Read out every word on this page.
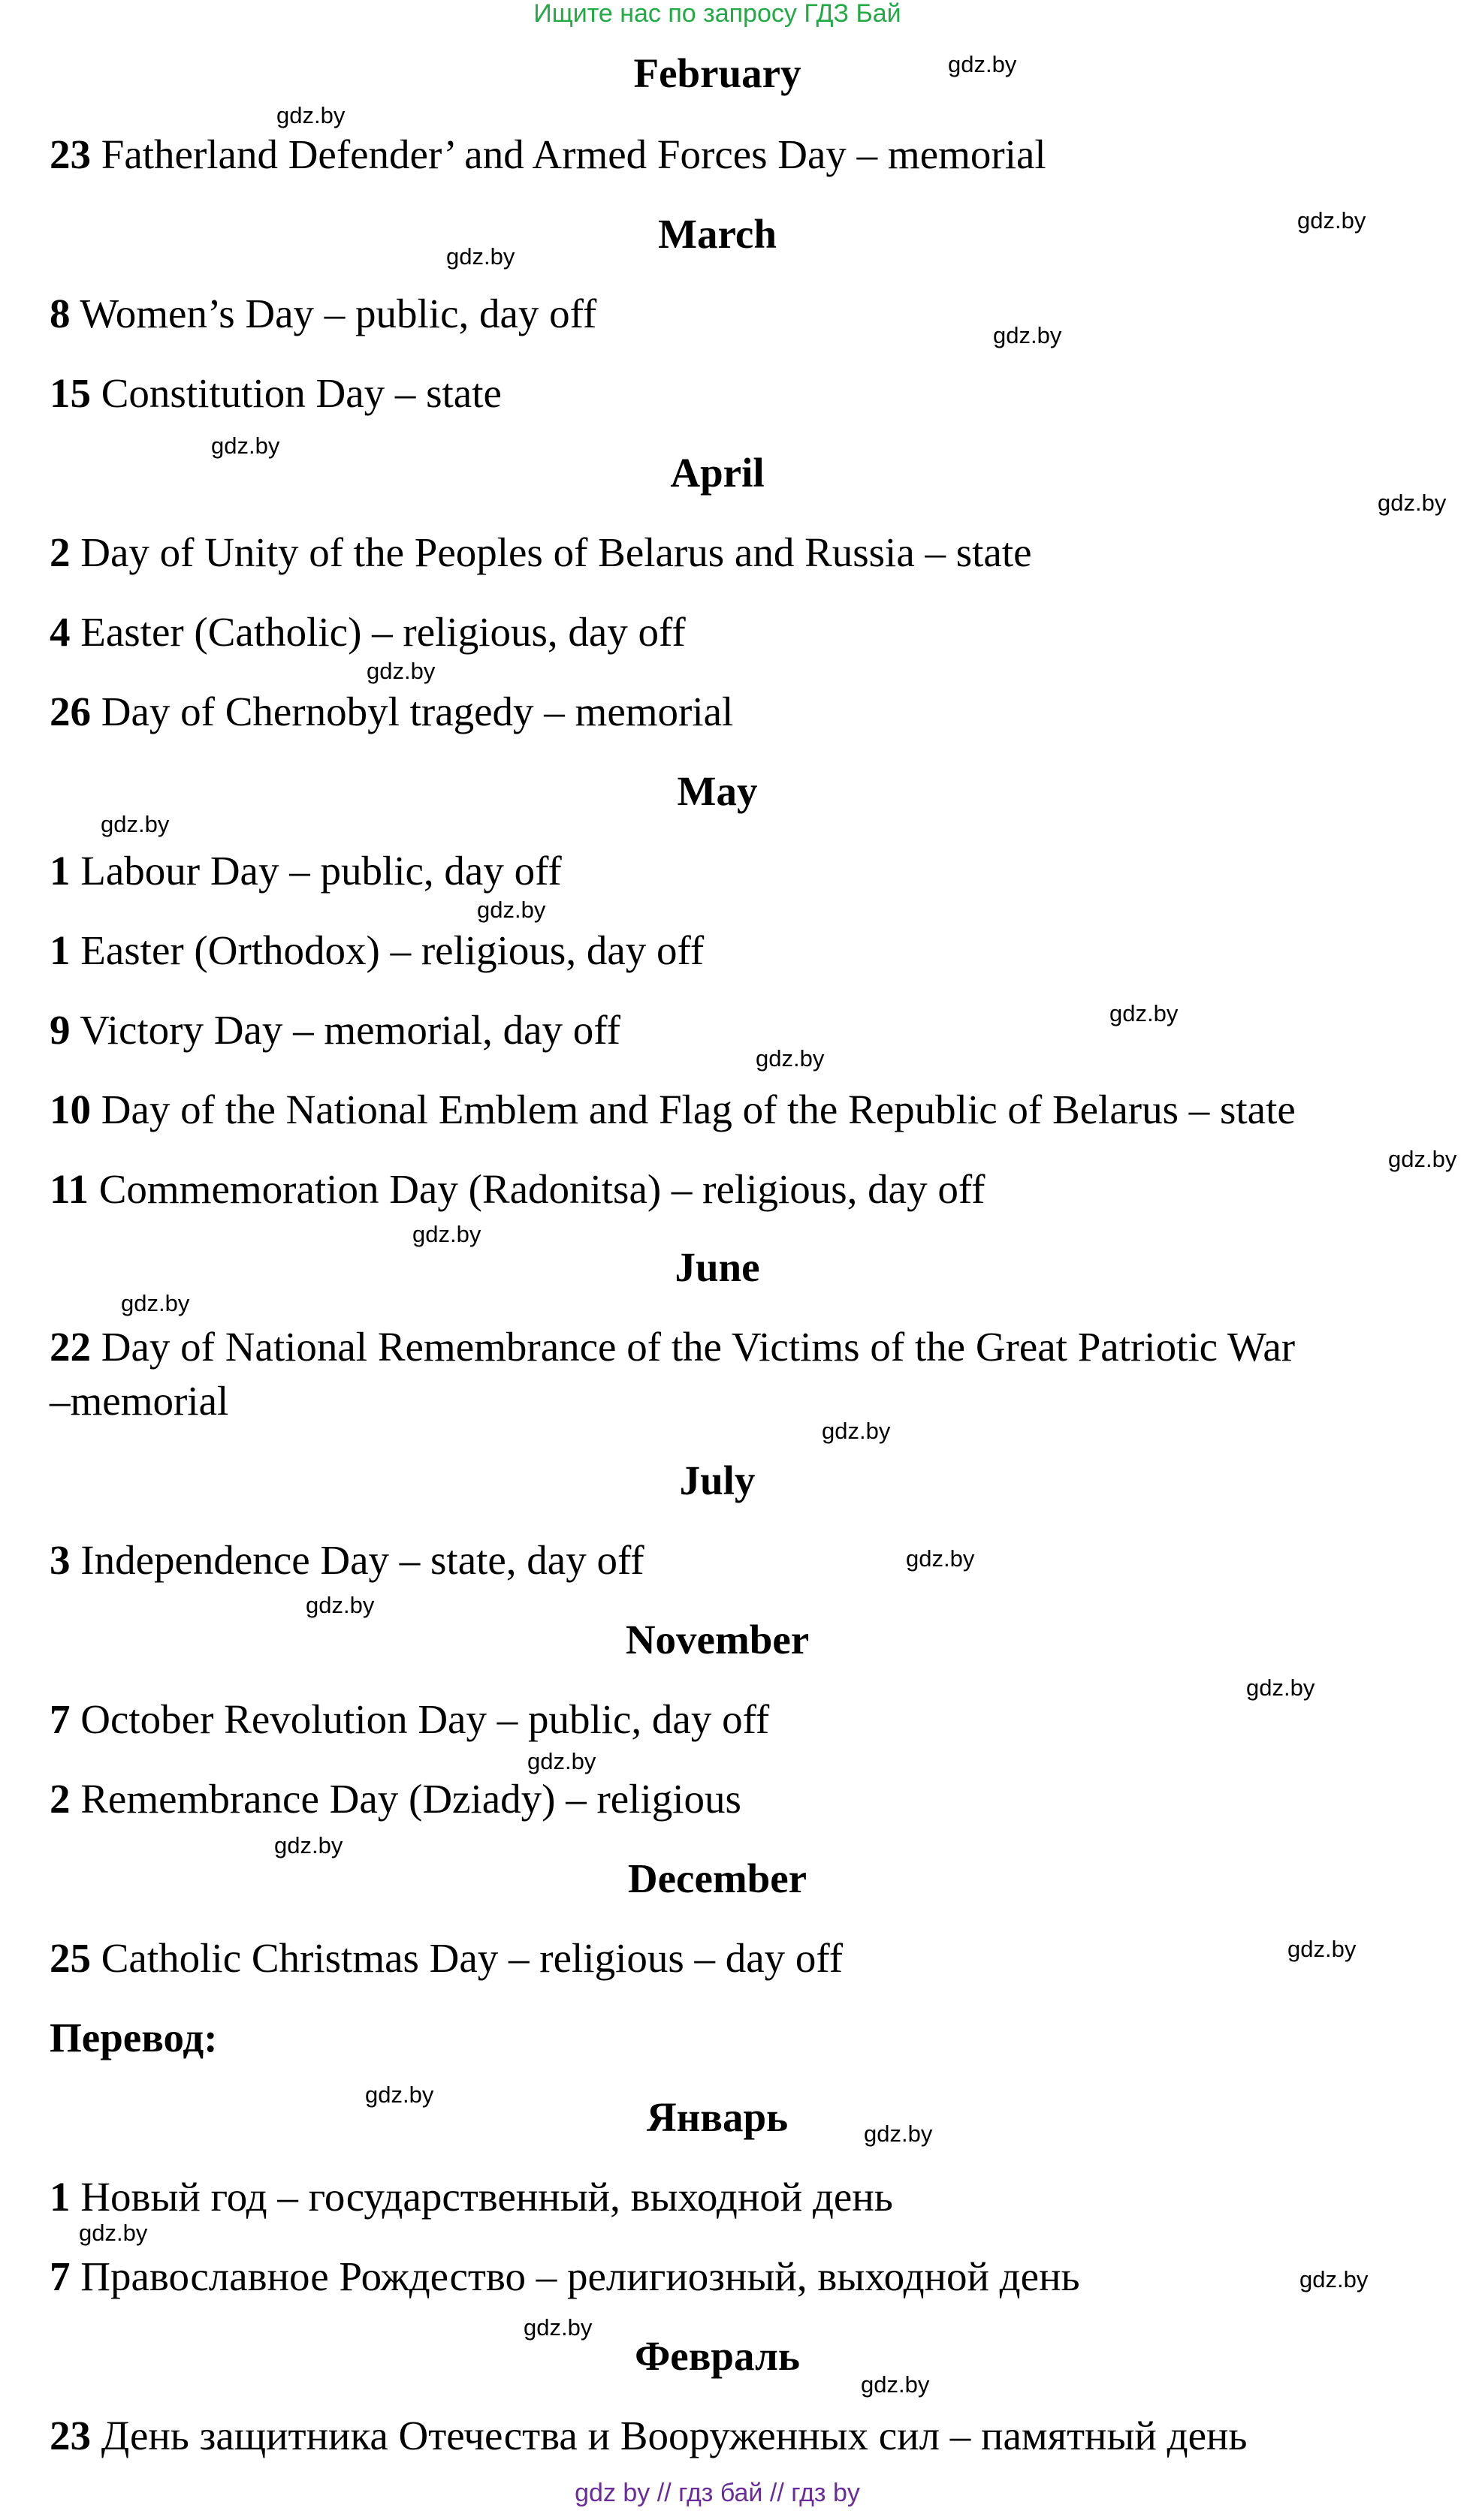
Ищите нас по запросу ГДЗ Бай
February
23 Fatherland Defender’ and Armed Forces Day – memorial
March
8 Women’s Day – public, day off
15 Constitution Day – state
April
2 Day of Unity of the Peoples of Belarus and Russia – state
4 Easter (Catholic) – religious, day off
26 Day of Chernobyl tragedy – memorial
May
1 Labour Day – public, day off
1 Easter (Orthodox) – religious, day off
9 Victory Day – memorial, day off
10 Day of the National Emblem and Flag of the Republic of Belarus – state
11 Commemoration Day (Radonitsa) – religious, day off
June
22 Day of National Remembrance of the Victims of the Great Patriotic War
–memorial
July
3 Independence Day – state, day off
November
7 October Revolution Day – public, day off
2 Remembrance Day (Dziady) – religious
December
25 Catholic Christmas Day – religious – day off
Перевод:
Январь
1 Новый год – государственный, выходной день
7 Православное Рождество – религиозный, выходной день
Февраль
23 День защитника Отечества и Вооруженных сил – памятный день
gdz.by
gdz.by
gdz.by
gdz.by
gdz.by
gdz.by
gdz.by
gdz.by
gdz.by
gdz.by
gdz.by
gdz.by
gdz.by
gdz.by
gdz.by
gdz.by
gdz.by
gdz.by
gdz.by
gdz.by
gdz.by
gdz.by
gdz.by
gdz.by
gdz.by
gdz.by
gdz.by
gdz.by
gdz by // гдз бай // гдз by
